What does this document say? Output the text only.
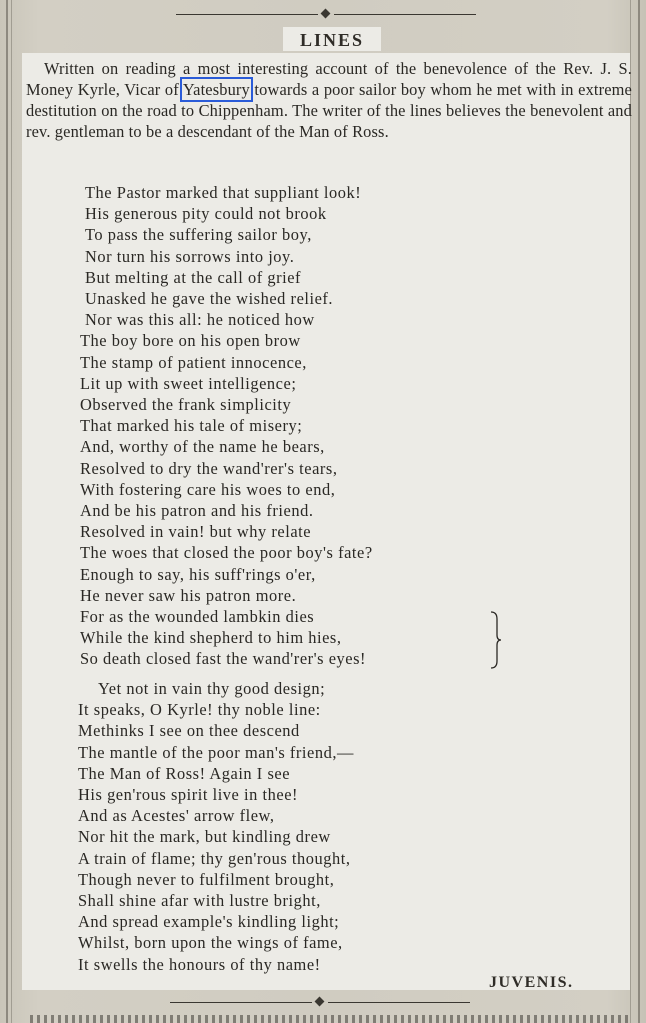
LINES

Written on reading a most interesting account of the benevolence of the Rev. J. S. Money Kyrle, Vicar of Yatesbury towards a poor sailor boy whom he met with in extreme destitution on the road to Chippenham. The writer of the lines believes the benevolent and rev. gentleman to be a descendant of the Man of Ross.

The Pastor marked that suppliant look!
His generous pity could not brook
To pass the suffering sailor boy,
Nor turn his sorrows into joy.
But melting at the call of grief
Unasked he gave the wished relief.
Nor was this all: he noticed how
The boy bore on his open brow
The stamp of patient innocence,
Lit up with sweet intelligence;
Observed the frank simplicity
That marked his tale of misery;
And, worthy of the name he bears,
Resolved to dry the wand'rer's tears,
With fostering care his woes to end,
And be his patron and his friend.
Resolved in vain! but why relate
The woes that closed the poor boy's fate?
Enough to say, his suff'rings o'er,
He never saw his patron more.
For as the wounded lambkin dies
While the kind shepherd to him hies,
So death closed fast the wand'rer's eyes!
Yet not in vain thy good design;
It speaks, O Kyrle! thy noble line:
Methinks I see on thee descend
The mantle of the poor man's friend,—
The Man of Ross! Again I see
His gen'rous spirit live in thee!
And as Acestes' arrow flew,
Nor hit the mark, but kindling drew
A train of flame; thy gen'rous thought,
Though never to fulfilment brought,
Shall shine afar with lustre bright,
And spread example's kindling light;
Whilst, born upon the wings of fame,
It swells the honours of thy name!
JUVENIS.
